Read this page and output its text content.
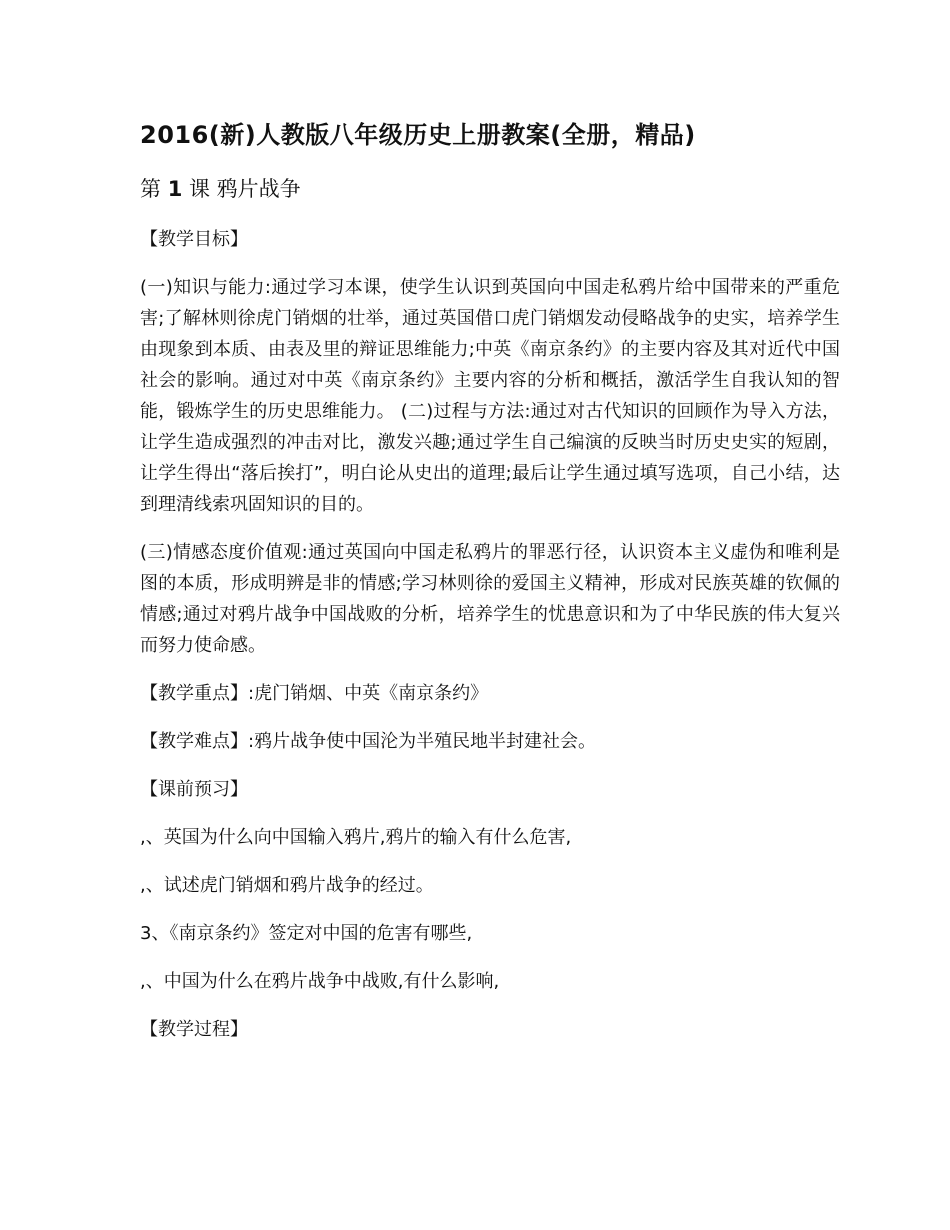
2016(新)人教版八年级历史上册教案(全册，精品)
第 1 课 鸦片战争
【教学目标】
(一)知识与能力:通过学习本课，使学生认识到英国向中国走私鸦片给中国带来的严重危害;了解林则徐虎门销烟的壮举，通过英国借口虎门销烟发动侵略战争的史实，培养学生由现象到本质、由表及里的辩证思维能力;中英《南京条约》的主要内容及其对近代中国社会的影响。通过对中英《南京条约》主要内容的分析和概括，激活学生自我认知的智能，锻炼学生的历史思维能力。 (二)过程与方法:通过对古代知识的回顾作为导入方法，让学生造成强烈的冲击对比，激发兴趣;通过学生自己编演的反映当时历史史实的短剧，让学生得出“落后挨打”，明白论从史出的道理;最后让学生通过填写选项，自己小结，达到理清线索巩固知识的目的。
(三)情感态度价值观:通过英国向中国走私鸦片的罪恶行径，认识资本主义虚伪和唯利是图的本质，形成明辨是非的情感;学习林则徐的爱国主义精神，形成对民族英雄的钦佩的情感;通过对鸦片战争中国战败的分析，培养学生的忧患意识和为了中华民族的伟大复兴而努力使命感。
【教学重点】:虎门销烟、中英《南京条约》
【教学难点】:鸦片战争使中国沦为半殖民地半封建社会。
【课前预习】
,、英国为什么向中国输入鸦片,鸦片的输入有什么危害,
,、试述虎门销烟和鸦片战争的经过。
3、《南京条约》签定对中国的危害有哪些,
,、中国为什么在鸦片战争中战败,有什么影响,
【教学过程】
